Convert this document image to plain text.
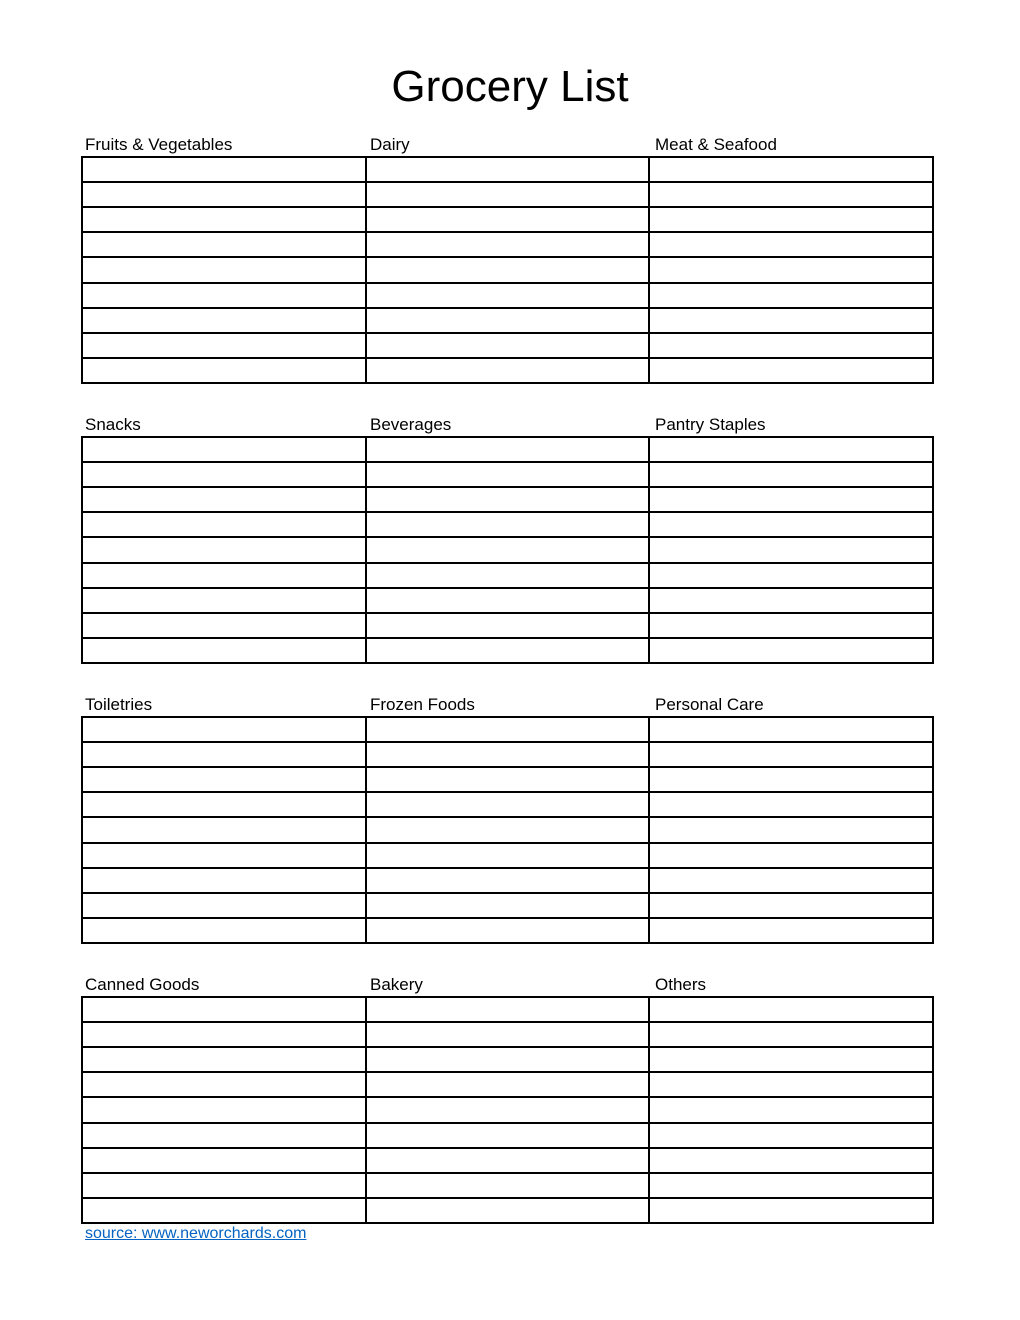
Grocery List
Fruits & Vegetables	Dairy	Meat & Seafood
Snacks	Beverages	Pantry Staples
Toiletries	Frozen Foods	Personal Care
Canned Goods	Bakery	Others
source: www.neworchards.com
